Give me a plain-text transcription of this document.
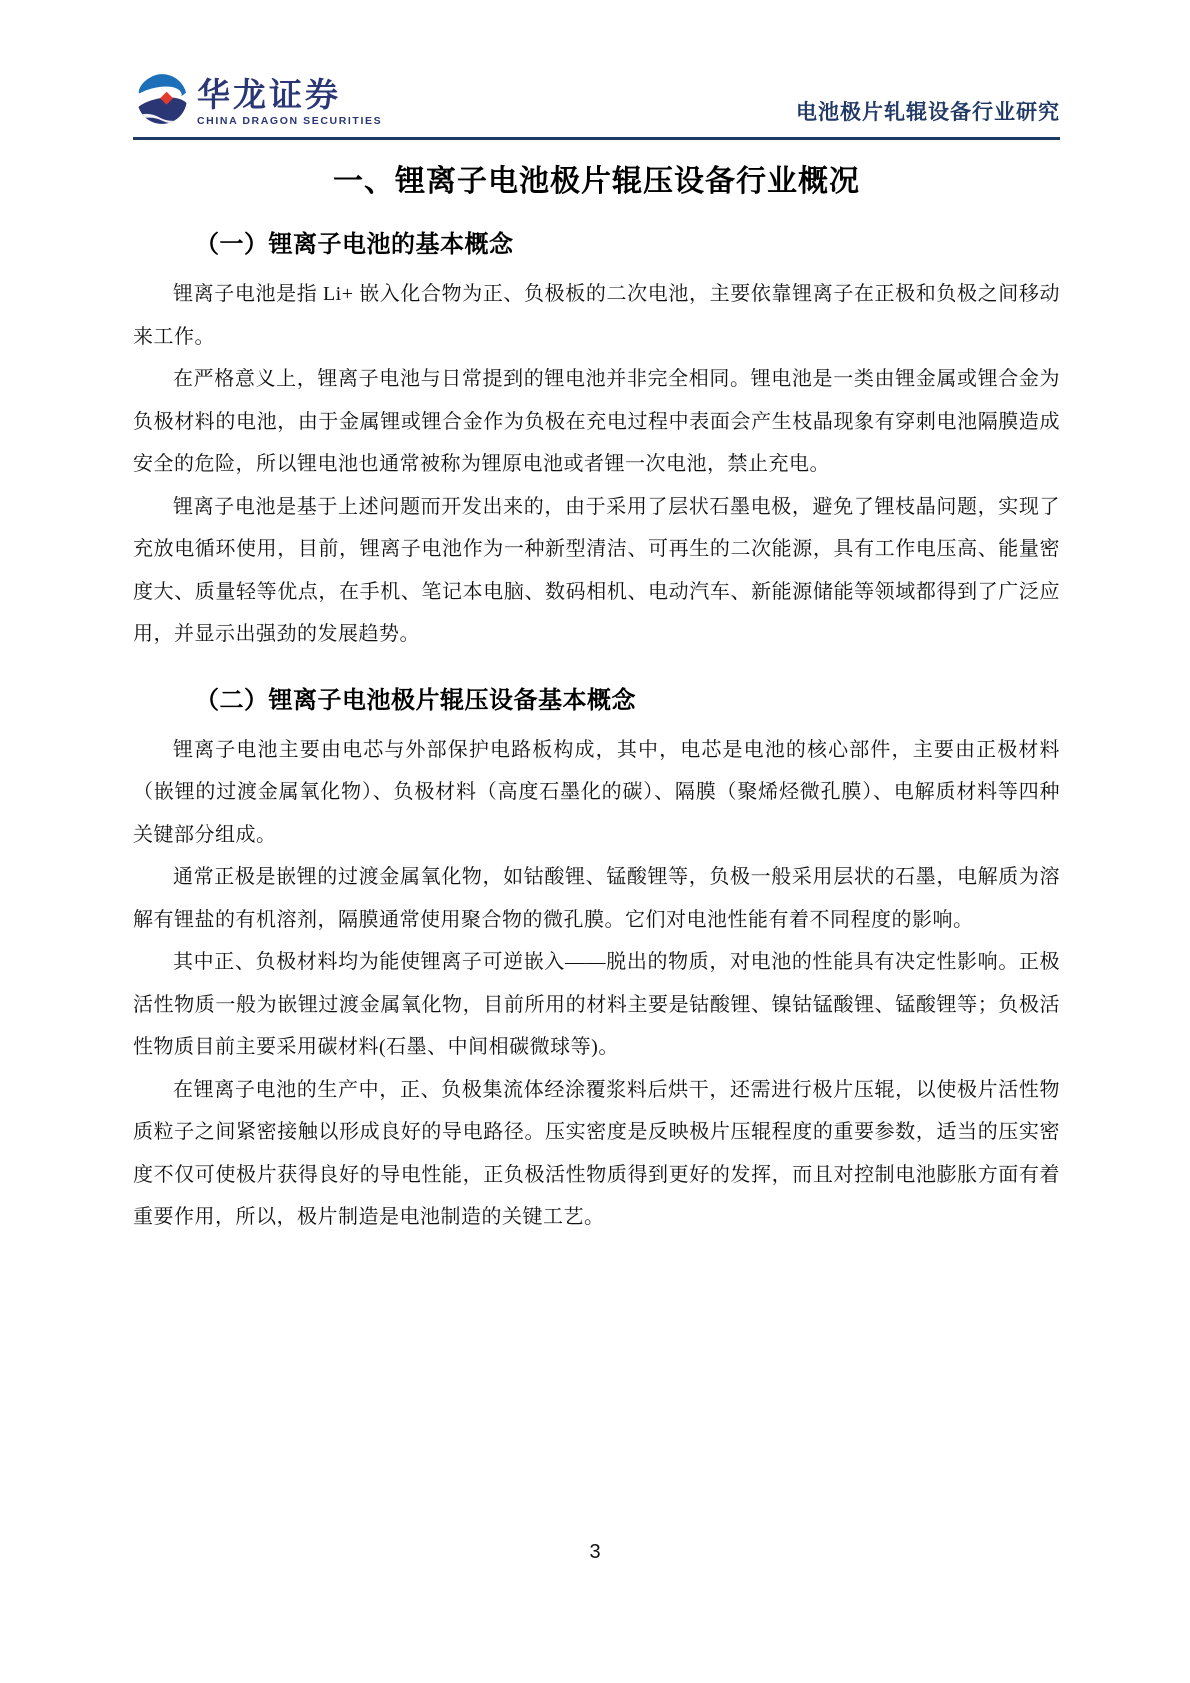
华龙证券
CHINA DRAGON SECURITIES	电池极片轧辊设备行业研究
一、锂离子电池极片辊压设备行业概况
（一）锂离子电池的基本概念

锂离子电池是指 Li+ 嵌入化合物为正、负极板的二次电池，主要依靠锂离子在正极和负极之间移动来工作。

在严格意义上，锂离子电池与日常提到的锂电池并非完全相同。锂电池是一类由锂金属或锂合金为负极材料的电池，由于金属锂或锂合金作为负极在充电过程中表面会产生枝晶现象有穿刺电池隔膜造成安全的危险，所以锂电池也通常被称为锂原电池或者锂一次电池，禁止充电。

锂离子电池是基于上述问题而开发出来的，由于采用了层状石墨电极，避免了锂枝晶问题，实现了充放电循环使用，目前，锂离子电池作为一种新型清洁、可再生的二次能源，具有工作电压高、能量密度大、质量轻等优点，在手机、笔记本电脑、数码相机、电动汽车、新能源储能等领域都得到了广泛应用，并显示出强劲的发展趋势。

（二）锂离子电池极片辊压设备基本概念

锂离子电池主要由电芯与外部保护电路板构成，其中，电芯是电池的核心部件，主要由正极材料（嵌锂的过渡金属氧化物）、负极材料（高度石墨化的碳）、隔膜（聚烯烃微孔膜）、电解质材料等四种关键部分组成。

通常正极是嵌锂的过渡金属氧化物，如钴酸锂、锰酸锂等，负极一般采用层状的石墨，电解质为溶解有锂盐的有机溶剂，隔膜通常使用聚合物的微孔膜。它们对电池性能有着不同程度的影响。

其中正、负极材料均为能使锂离子可逆嵌入——脱出的物质，对电池的性能具有决定性影响。正极活性物质一般为嵌锂过渡金属氧化物，目前所用的材料主要是钴酸锂、镍钴锰酸锂、锰酸锂等；负极活性物质目前主要采用碳材料(石墨、中间相碳微球等)。

在锂离子电池的生产中，正、负极集流体经涂覆浆料后烘干，还需进行极片压辊，以使极片活性物质粒子之间紧密接触以形成良好的导电路径。压实密度是反映极片压辊程度的重要参数，适当的压实密度不仅可使极片获得良好的导电性能，正负极活性物质得到更好的发挥，而且对控制电池膨胀方面有着重要作用，所以，极片制造是电池制造的关键工艺。

3
